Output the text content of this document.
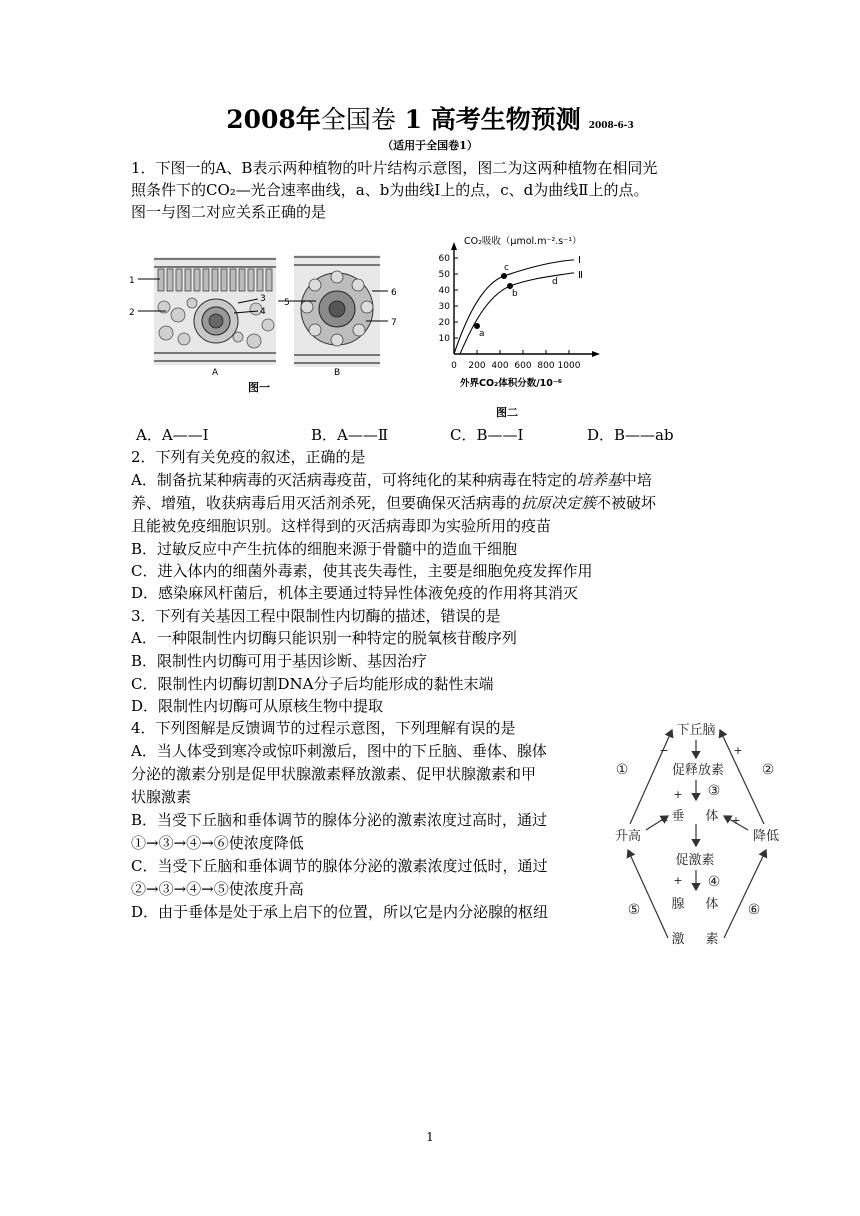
2008年全国卷 1 高考生物预测 2008-6-3
（适用于全国卷1）
1．下图一的A、B表示两种植物的叶片结构示意图，图二为这两种植物在相同光
照条件下的CO₂—光合速率曲线，a、b为曲线Ⅰ上的点，c、d为曲线Ⅱ上的点。
图一与图二对应关系正确的是
1
2
3
4
5
6
7
A	B
图一
CO₂吸收（μmol.m⁻².s⁻¹）
10
20
30
40
50
60
0 200 400 600 800 1000
a
b
c
d
Ⅰ
Ⅱ
外界CO₂体积分数/10⁻⁶
图二
A．A——Ⅰ	B．A——Ⅱ	C．B——Ⅰ	D．B——ab
2．下列有关免疫的叙述，正确的是
A．制备抗某种病毒的灭活病毒疫苗，可将纯化的某种病毒在特定的培养基中培
养、增殖，收获病毒后用灭活剂杀死，但要确保灭活病毒的抗原决定簇不被破坏
且能被免疫细胞识别。这样得到的灭活病毒即为实验所用的疫苗
B．过敏反应中产生抗体的细胞来源于骨髓中的造血干细胞
C．进入体内的细菌外毒素，使其丧失毒性，主要是细胞免疫发挥作用
D．感染麻风杆菌后，机体主要通过特异性体液免疫的作用将其消灭
3．下列有关基因工程中限制性内切酶的描述，错误的是
A．一种限制性内切酶只能识别一种特定的脱氧核苷酸序列
B．限制性内切酶可用于基因诊断、基因治疗
C．限制性内切酶切割DNA分子后均能形成的黏性末端
D．限制性内切酶可从原核生物中提取
4．下列图解是反馈调节的过程示意图，下列理解有误的是
A．当人体受到寒冷或惊吓刺激后，图中的下丘脑、垂体、腺体
分泌的激素分别是促甲状腺激素释放激素、促甲状腺激素和甲
状腺激素
B．当受下丘脑和垂体调节的腺体分泌的激素浓度过高时，通过
①→③→④→⑥使浓度降低
C．当受下丘脑和垂体调节的腺体分泌的激素浓度过低时，通过
②→③→④→⑤使浓度升高
D．由于垂体是处于承上启下的位置，所以它是内分泌腺的枢纽
下丘脑
促释放素
垂 体
促激素
腺 体
激 素
升高	降低
①	②
③
④
⑤	⑥
−	+
+
−	+
+
1
